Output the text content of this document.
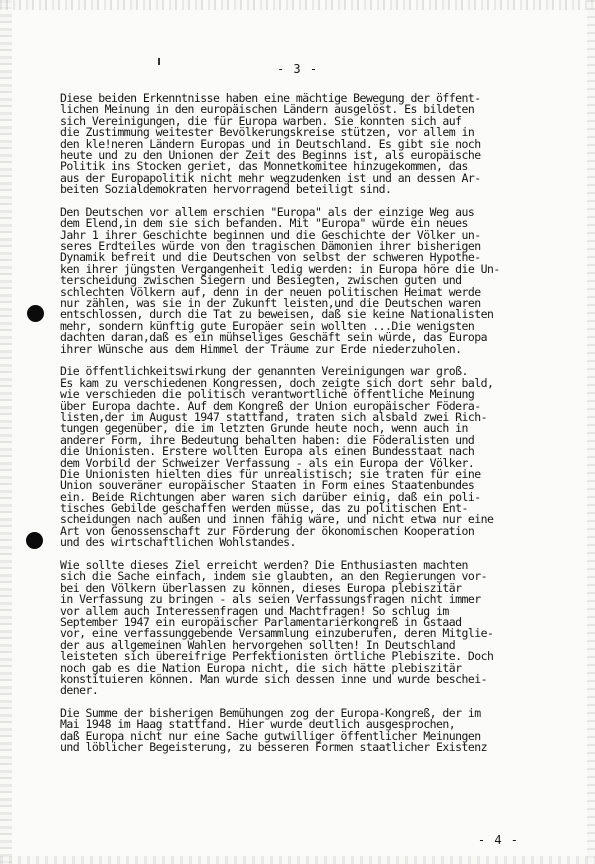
- 3 -
Diese beiden Erkenntnisse haben eine mächtige Bewegung der öffent-
lichen Meinung in den europäischen Ländern ausgelöst. Es bildeten
sich Vereinigungen, die für Europa warben. Sie konnten sich auf
die Zustimmung weitester Bevölkerungskreise stützen, vor allem in
den kle!neren Ländern Europas und in Deutschland. Es gibt sie noch
heute und zu den Unionen der Zeit des Beginns ist, als europäische
Politik ins Stocken geriet, das Monnetkomitee hinzugekommen, das
aus der Europapolitik nicht mehr wegzudenken ist und an dessen Ar-
beiten Sozialdemokraten hervorragend beteiligt sind.
Den Deutschen vor allem erschien "Europa" als der einzige Weg aus
dem Elend,in dem sie sich befanden. Mit "Europa" würde ein neues
Jahr 1 ihrer Geschichte beginnen und die Geschichte der Völker un-
seres Erdteiles würde von den tragischen Dämonien ihrer bisherigen
Dynamik befreit und die Deutschen von selbst der schweren Hypothe-
ken ihrer jüngsten Vergangenheit ledig werden: in Europa höre die Un-
terscheidung zwischen Siegern und Besiegten, zwischen guten und
schlechten Völkern auf, denn in der neuen politischen Heimat werde
nur zählen, was sie in der Zukunft leisten,und die Deutschen waren
entschlossen, durch die Tat zu beweisen, daß sie keine Nationalisten
mehr, sondern künftig gute Europäer sein wollten ...Die wenigsten
dachten daran,daß es ein mühseliges Geschäft sein würde, das Europa
ihrer Wünsche aus dem Himmel der Träume zur Erde niederzuholen.
Die öffentlichkeitswirkung der genannten Vereinigungen war groß.
Es kam zu verschiedenen Kongressen, doch zeigte sich dort sehr bald,
wie verschieden die politisch verantwortliche öffentliche Meinung
über Europa dachte. Auf dem Kongreß der Union europäischer Födera-
listen,der im August 1947 stattfand, traten sich alsbald zwei Rich-
tungen gegenüber, die im letzten Grunde heute noch, wenn auch in
anderer Form, ihre Bedeutung behalten haben: die Föderalisten und
die Unionisten. Erstere wollten Europa als einen Bundesstaat nach
dem Vorbild der Schweizer Verfassung - als ein Europa der Völker.
Die Unionisten hielten dies für unrealistisch; sie traten für eine
Union souveräner europäischer Staaten in Form eines Staatenbundes
ein. Beide Richtungen aber waren sich darüber einig, daß ein poli-
tisches Gebilde geschaffen werden müsse, das zu politischen Ent-
scheidungen nach außen und innen fähig wäre, und nicht etwa nur eine
Art von Genossenschaft zur Förderung der ökonomischen Kooperation
und des wirtschaftlichen Wohlstandes.
Wie sollte dieses Ziel erreicht werden? Die Enthusiasten machten
sich die Sache einfach, indem sie glaubten, an den Regierungen vor-
bei den Völkern überlassen zu können, dieses Europa plebiszitär
in Verfassung zu bringen - als seien Verfassungsfragen nicht immer
vor allem auch Interessenfragen und Machtfragen! So schlug im
September 1947 ein europäischer Parlamentarierkongreß in Gstaad
vor, eine verfassunggebende Versammlung einzuberufen, deren Mitglie-
der aus allgemeinen Wahlen hervorgehen sollten! In Deutschland
leisteten sich übereifrige Perfektionisten örtliche Plebiszite. Doch
noch gab es die Nation Europa nicht, die sich hätte plebiszitär
konstituieren können. Man wurde sich dessen inne und wurde beschei-
dener.
Die Summe der bisherigen Bemühungen zog der Europa-Kongreß, der im
Mai 1948 im Haag stattfand. Hier wurde deutlich ausgesprochen,
daß Europa nicht nur eine Sache gutwilliger öffentlicher Meinungen
und löblicher Begeisterung, zu besseren Formen staatlicher Existenz
- 4 -
